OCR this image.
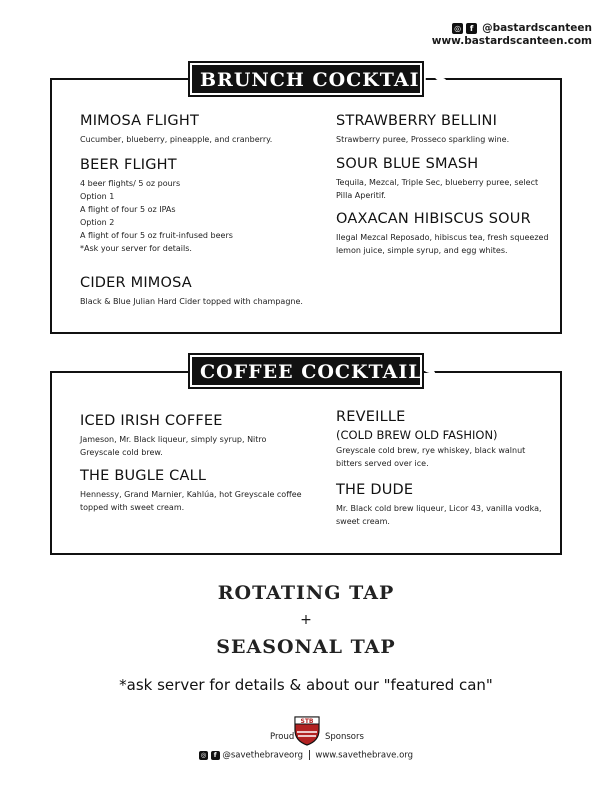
◎	f @bastardscanteen
www.bastardscanteen.com
BRUNCH COCKTAILS
MIMOSA FLIGHT
Cucumber, blueberry, pineapple, and cranberry.
BEER FLIGHT
4 beer flights/ 5 oz pours
Option 1
A flight of four 5 oz IPAs
Option 2
A flight of four 5 oz fruit-infused beers
*Ask your server for details.
CIDER MIMOSA
Black & Blue Julian Hard Cider topped with champagne.
STRAWBERRY BELLINI
Strawberry puree, Prosseco sparkling wine.
SOUR BLUE SMASH
Tequila, Mezcal, Triple Sec, blueberry puree, select
Pilla Aperitif.
OAXACAN HIBISCUS SOUR
Ilegal Mezcal Reposado, hibiscus tea, fresh squeezed
lemon juice, simple syrup, and egg whites.
COFFEE COCKTAILS
ICED IRISH COFFEE
Jameson, Mr. Black liqueur, simply syrup, Nitro
Greyscale cold brew.
THE BUGLE CALL
Hennessy, Grand Marnier, Kahlúa, hot Greyscale coffee
topped with sweet cream.
REVEILLE
(COLD BREW OLD FASHION)
Greyscale cold brew, rye whiskey, black walnut
bitters served over ice.
THE DUDE
Mr. Black cold brew liqueur, Licor 43, vanilla vodka,
sweet cream.
ROTATING TAP
+
SEASONAL TAP
*ask server for details & about our "featured can"
Proud
STB
Sponsors
◎ f @savethebraveorg www.savethebrave.org
